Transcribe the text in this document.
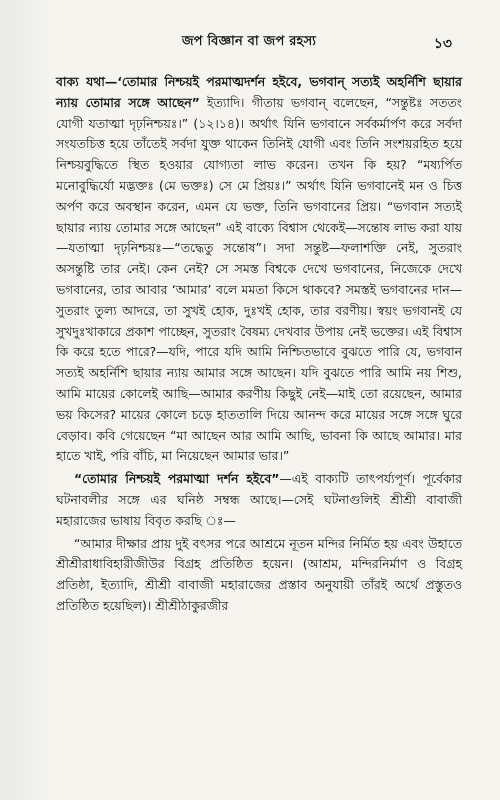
জপ বিজ্ঞান বা জপ রহস্য	১৩

বাক্য যথা—‘তোমার নিশ্চয়ই পরমাত্মদর্শন হইবে, ভগবান্ সত্যই অহর্নিশি ছায়ার ন্যায় তোমার সঙ্গে আছেন” ইত্যাদি। গীতায় ভগবান্ বলেছেন, “সন্তুষ্টঃ সততং যোগী যতাত্মা দৃঢ়নিশ্চয়ঃ।” (১২।১৪)। অর্থাৎ যিনি ভগবানে সর্বকর্মার্পণ করে সর্বদা সংযতচিত্ত হয়ে তাঁতেই সর্বদা যুক্ত থাকেন তিনিই যোগী এবং তিনি সংশয়রহিত হয়ে নিশ্চয়বুদ্ধিতে স্থিত হওয়ার যোগ্যতা লাভ করেন। তখন কি হয়? “মষ্যর্পিত মনোবুদ্ধির্যো মদ্ভক্তঃ (মে ভক্তঃ) সে মে প্রিয়ঃ।” অর্থাৎ যিনি ভগবানেই মন ও চিত্ত অর্পণ করে অবস্থান করেন, এমন যে ভক্ত, তিনি ভগবানের প্রিয়। “ভগবান সত্যই ছায়ার ন্যায় তোমার সঙ্গে আছেন” এই বাক্যে বিশ্বাস থেকেই—সন্তোষ লাভ করা যায়—যতাত্মা দৃঢ়নিশ্চয়ঃ—“তদ্ধেতু সন্তোষ”। সদা সন্তুষ্ট—ফলাশক্তি নেই, সুতরাং অসন্তুষ্টি তার নেই। কেন নেই? সে সমস্ত বিশ্বকে দেখে ভগবানের, নিজেকে দেখে ভগবানের, তার আবার ‘আমার’ বলে মমতা কিসে থাকবে? সমস্তই ভগবানের দান—সুতরাং তুল্য আদরে, তা সুখই হোক, দুঃখই হোক, তার বরণীয়। স্বয়ং ভগবানই যে সুখদুঃখাকারে প্রকাশ পাচ্ছেন, সুতরাং বৈষম্য দেখবার উপায় নেই ভক্তের। এই বিশ্বাস কি করে হতে পারে?—যদি, পারে যদি আমি নিশ্চিতভাবে বুঝতে পারি যে, ভগবান সত্যই অহর্নিশি ছায়ার ন্যায় আমার সঙ্গে আছেন। যদি বুঝতে পারি আমি নয় শিশু, আমি মায়ের কোলেই আছি—আমার করণীয় কিছুই নেই—মাই তো রয়েছেন, আমার ভয় কিসের? মায়ের কোলে চড়ে হাততালি দিয়ে আনন্দ করে মায়ের সঙ্গে সঙ্গে ঘুরে বেড়াব। কবি গেয়েছেন “মা আছেন আর আমি আছি, ভাবনা কি আছে আমার। মার হাতে খাই, পরি বাঁচি, মা নিয়েছেন আমার ভার।”

“তোমার নিশ্চয়ই পরমাত্মা দর্শন হইবে”—এই বাক্যটি তাৎপর্য্যপূর্ণ। পূর্বেকার ঘটনাবলীর সঙ্গে এর ঘনিষ্ঠ সম্বন্ধ আছে।—সেই ঘটনাগুলিই শ্রীশ্রী বাবাজী মহারাজের ভাষায় বিবৃত করছি ঃ—

“আমার দীক্ষার প্রায় দুই বৎসর পরে আশ্রমে নূতন মন্দির নির্মিত হয় এবং উহাতে শ্রীশ্রীরাধাবিহারীজীউর বিগ্রহ প্রতিষ্ঠিত হয়েন। (আশ্রম, মন্দিরনির্মাণ ও বিগ্রহ প্রতিষ্ঠা, ইত্যাদি, শ্রীশ্রী বাবাজী মহারাজের প্রস্তাব অনুযায়ী তাঁরই অর্থে প্রস্তুতও প্রতিষ্ঠিত হয়েছিল)। শ্রীশ্রীঠাকুরজীর
